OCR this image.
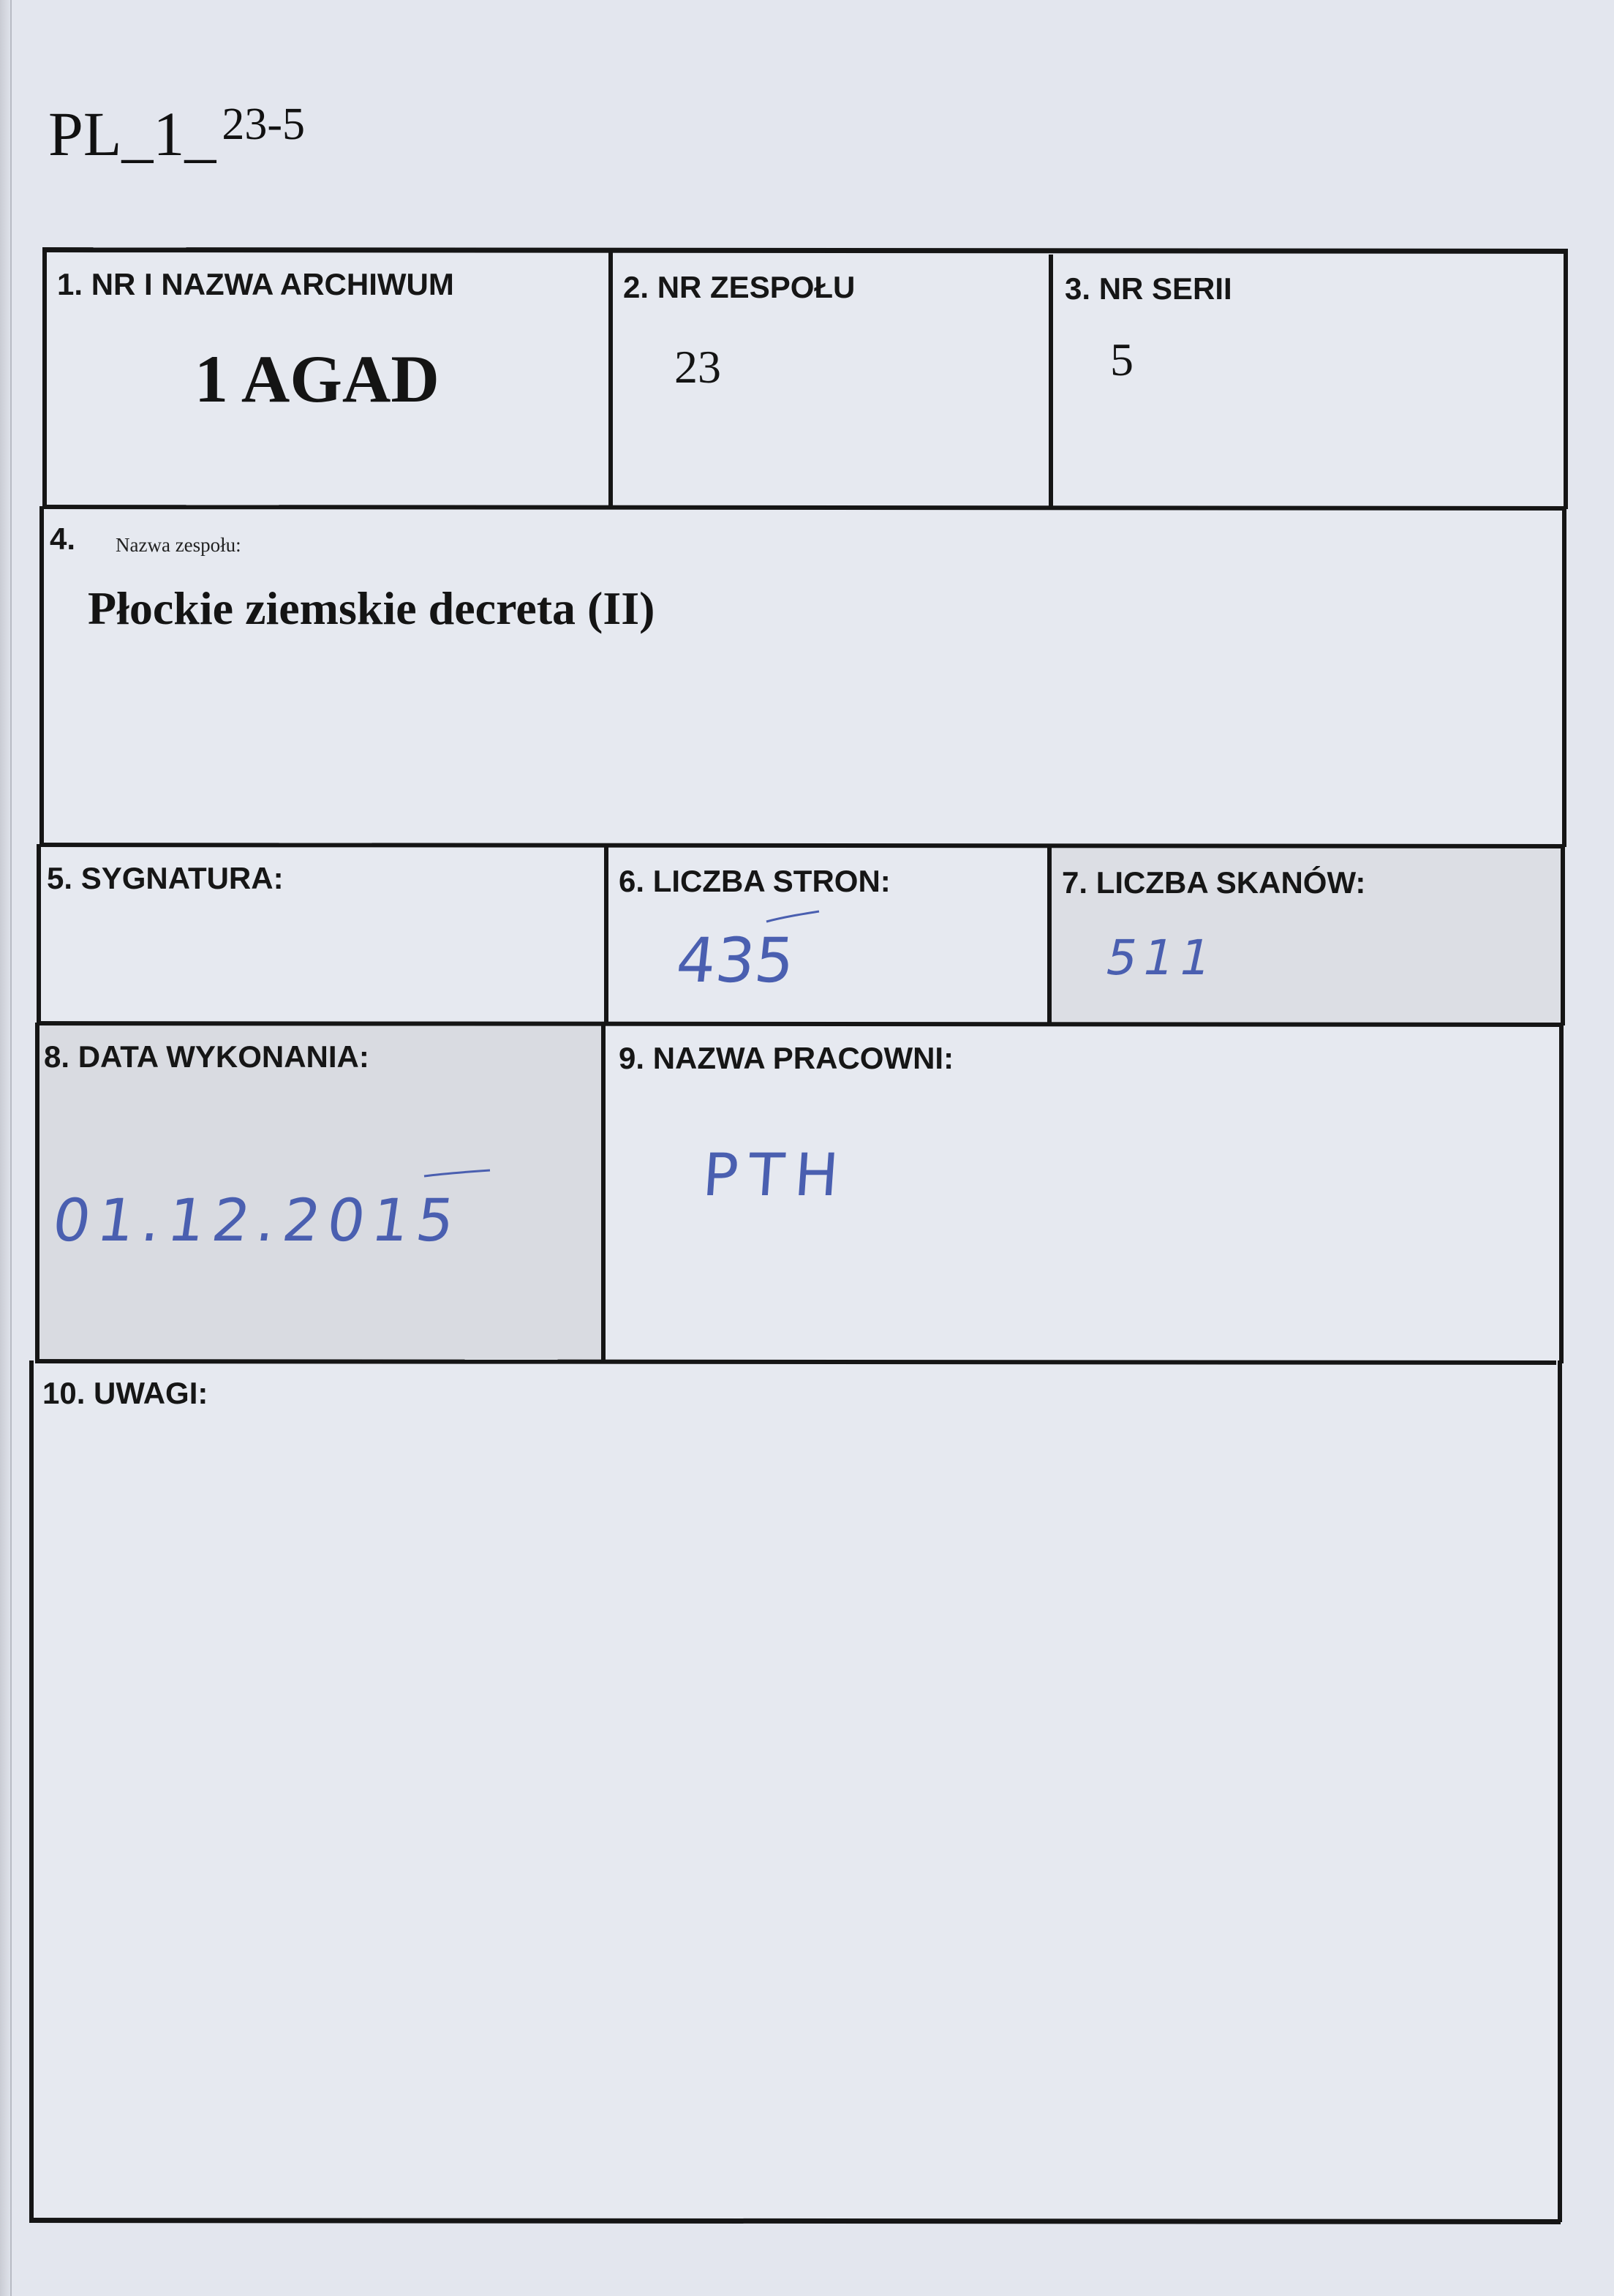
PL_1_ $^{23-5}$
1. NR I NAZWA ARCHIWUM
1 AGAD
2. NR ZESPOŁU
23
3. NR SERII
5
4. Nazwa zespołu:
Płockie ziemskie decreta (II)
5. SYGNATURA:	6. LICZBA STRON:
435
7. LICZBA SKANÓW:
511
8. DATA WYKONANIA:
01.12.2015
9. NAZWA PRACOWNI:
PTH
10. UWAGI:
